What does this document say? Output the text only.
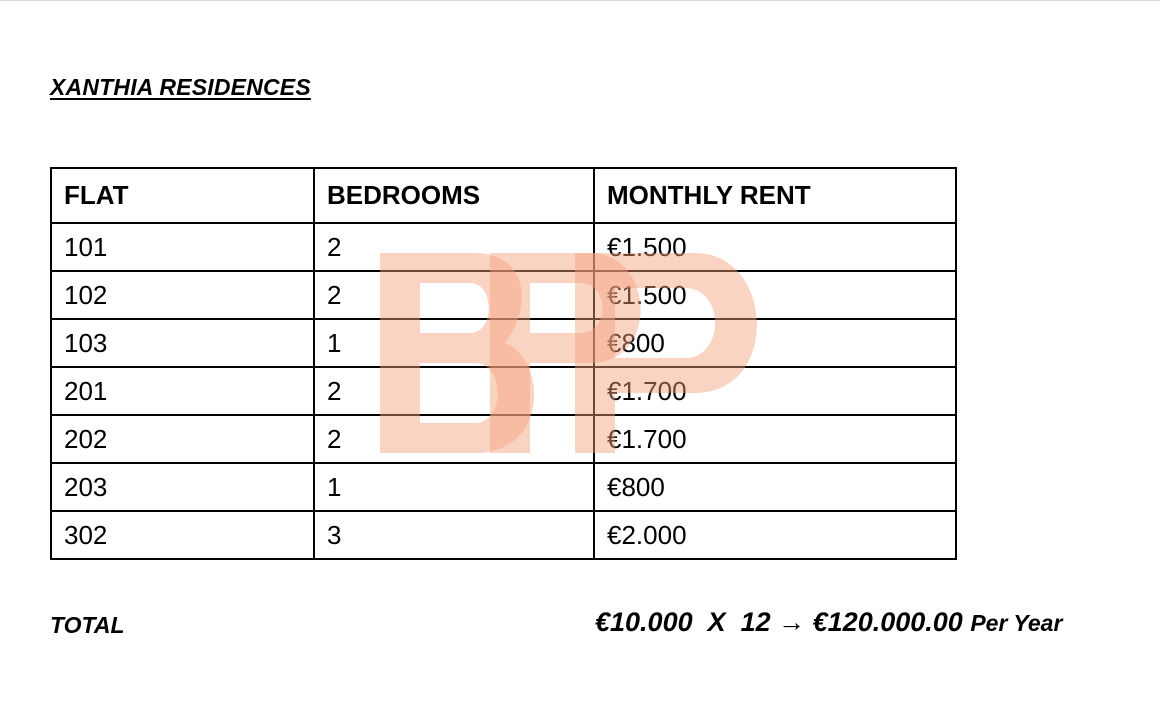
XANTHIA RESIDENCES
FLAT	BEDROOMS	MONTHLY RENT
101	2	€1.500
102	2	€1.500
103	1	€800
201	2	€1.700
202	2	€1.700
203	1	€800
302	3	€2.000
TOTAL	€10.000  X  12 → €120.000.00 Per Year
